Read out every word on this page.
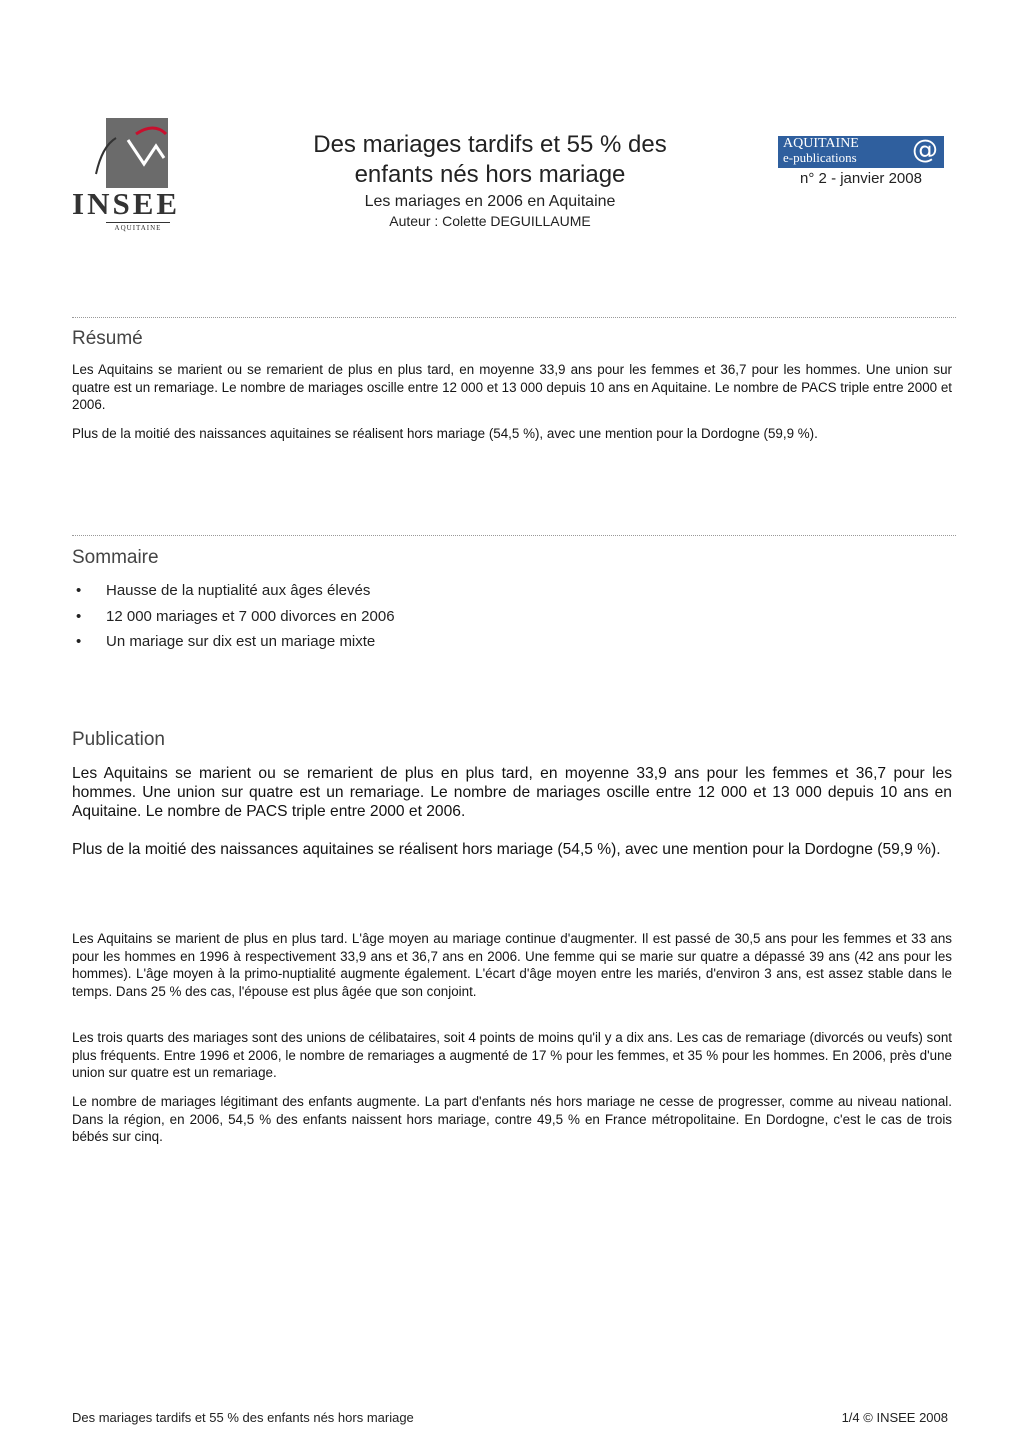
INSEE
AQUITAINE
Des mariages tardifs et 55 % des
enfants nés hors mariage
Les mariages en 2006 en Aquitaine
Auteur : Colette DEGUILLAUME
AQUITAINE
e-publications @
n° 2 - janvier 2008
Résumé

Les Aquitains se marient ou se remarient de plus en plus tard, en moyenne 33,9 ans pour les femmes et 36,7 pour les hommes. Une union sur quatre est un remariage. Le nombre de mariages oscille entre 12 000 et 13 000 depuis 10 ans en Aquitaine. Le nombre de PACS triple entre 2000 et 2006.

Plus de la moitié des naissances aquitaines se réalisent hors mariage (54,5 %), avec une mention pour la Dordogne (59,9 %).

Sommaire
• Hausse de la nuptialité aux âges élevés
• 12 000 mariages et 7 000 divorces en 2006
• Un mariage sur dix est un mariage mixte
Publication

Les Aquitains se marient ou se remarient de plus en plus tard, en moyenne 33,9 ans pour les femmes et 36,7 pour les hommes. Une union sur quatre est un remariage. Le nombre de mariages oscille entre 12 000 et 13 000 depuis 10 ans en Aquitaine. Le nombre de PACS triple entre 2000 et 2006.

Plus de la moitié des naissances aquitaines se réalisent hors mariage (54,5 %), avec une mention pour la Dordogne (59,9 %).

Les Aquitains se marient de plus en plus tard. L'âge moyen au mariage continue d'augmenter. Il est passé de 30,5 ans pour les femmes et 33 ans pour les hommes en 1996 à respectivement 33,9 ans et 36,7 ans en 2006. Une femme qui se marie sur quatre a dépassé 39 ans (42 ans pour les hommes). L'âge moyen à la primo-nuptialité augmente également. L'écart d'âge moyen entre les mariés, d'environ 3 ans, est assez stable dans le temps. Dans 25 % des cas, l'épouse est plus âgée que son conjoint.

Les trois quarts des mariages sont des unions de célibataires, soit 4 points de moins qu'il y a dix ans. Les cas de remariage (divorcés ou veufs) sont plus fréquents. Entre 1996 et 2006, le nombre de remariages a augmenté de 17 % pour les femmes, et 35 % pour les hommes. En 2006, près d'une union sur quatre est un remariage.

Le nombre de mariages légitimant des enfants augmente. La part d'enfants nés hors mariage ne cesse de progresser, comme au niveau national. Dans la région, en 2006, 54,5 % des enfants naissent hors mariage, contre 49,5 % en France métropolitaine. En Dordogne, c'est le cas de trois bébés sur cinq.

Des mariages tardifs et 55 % des enfants nés hors mariage	1/4 © INSEE 2008
